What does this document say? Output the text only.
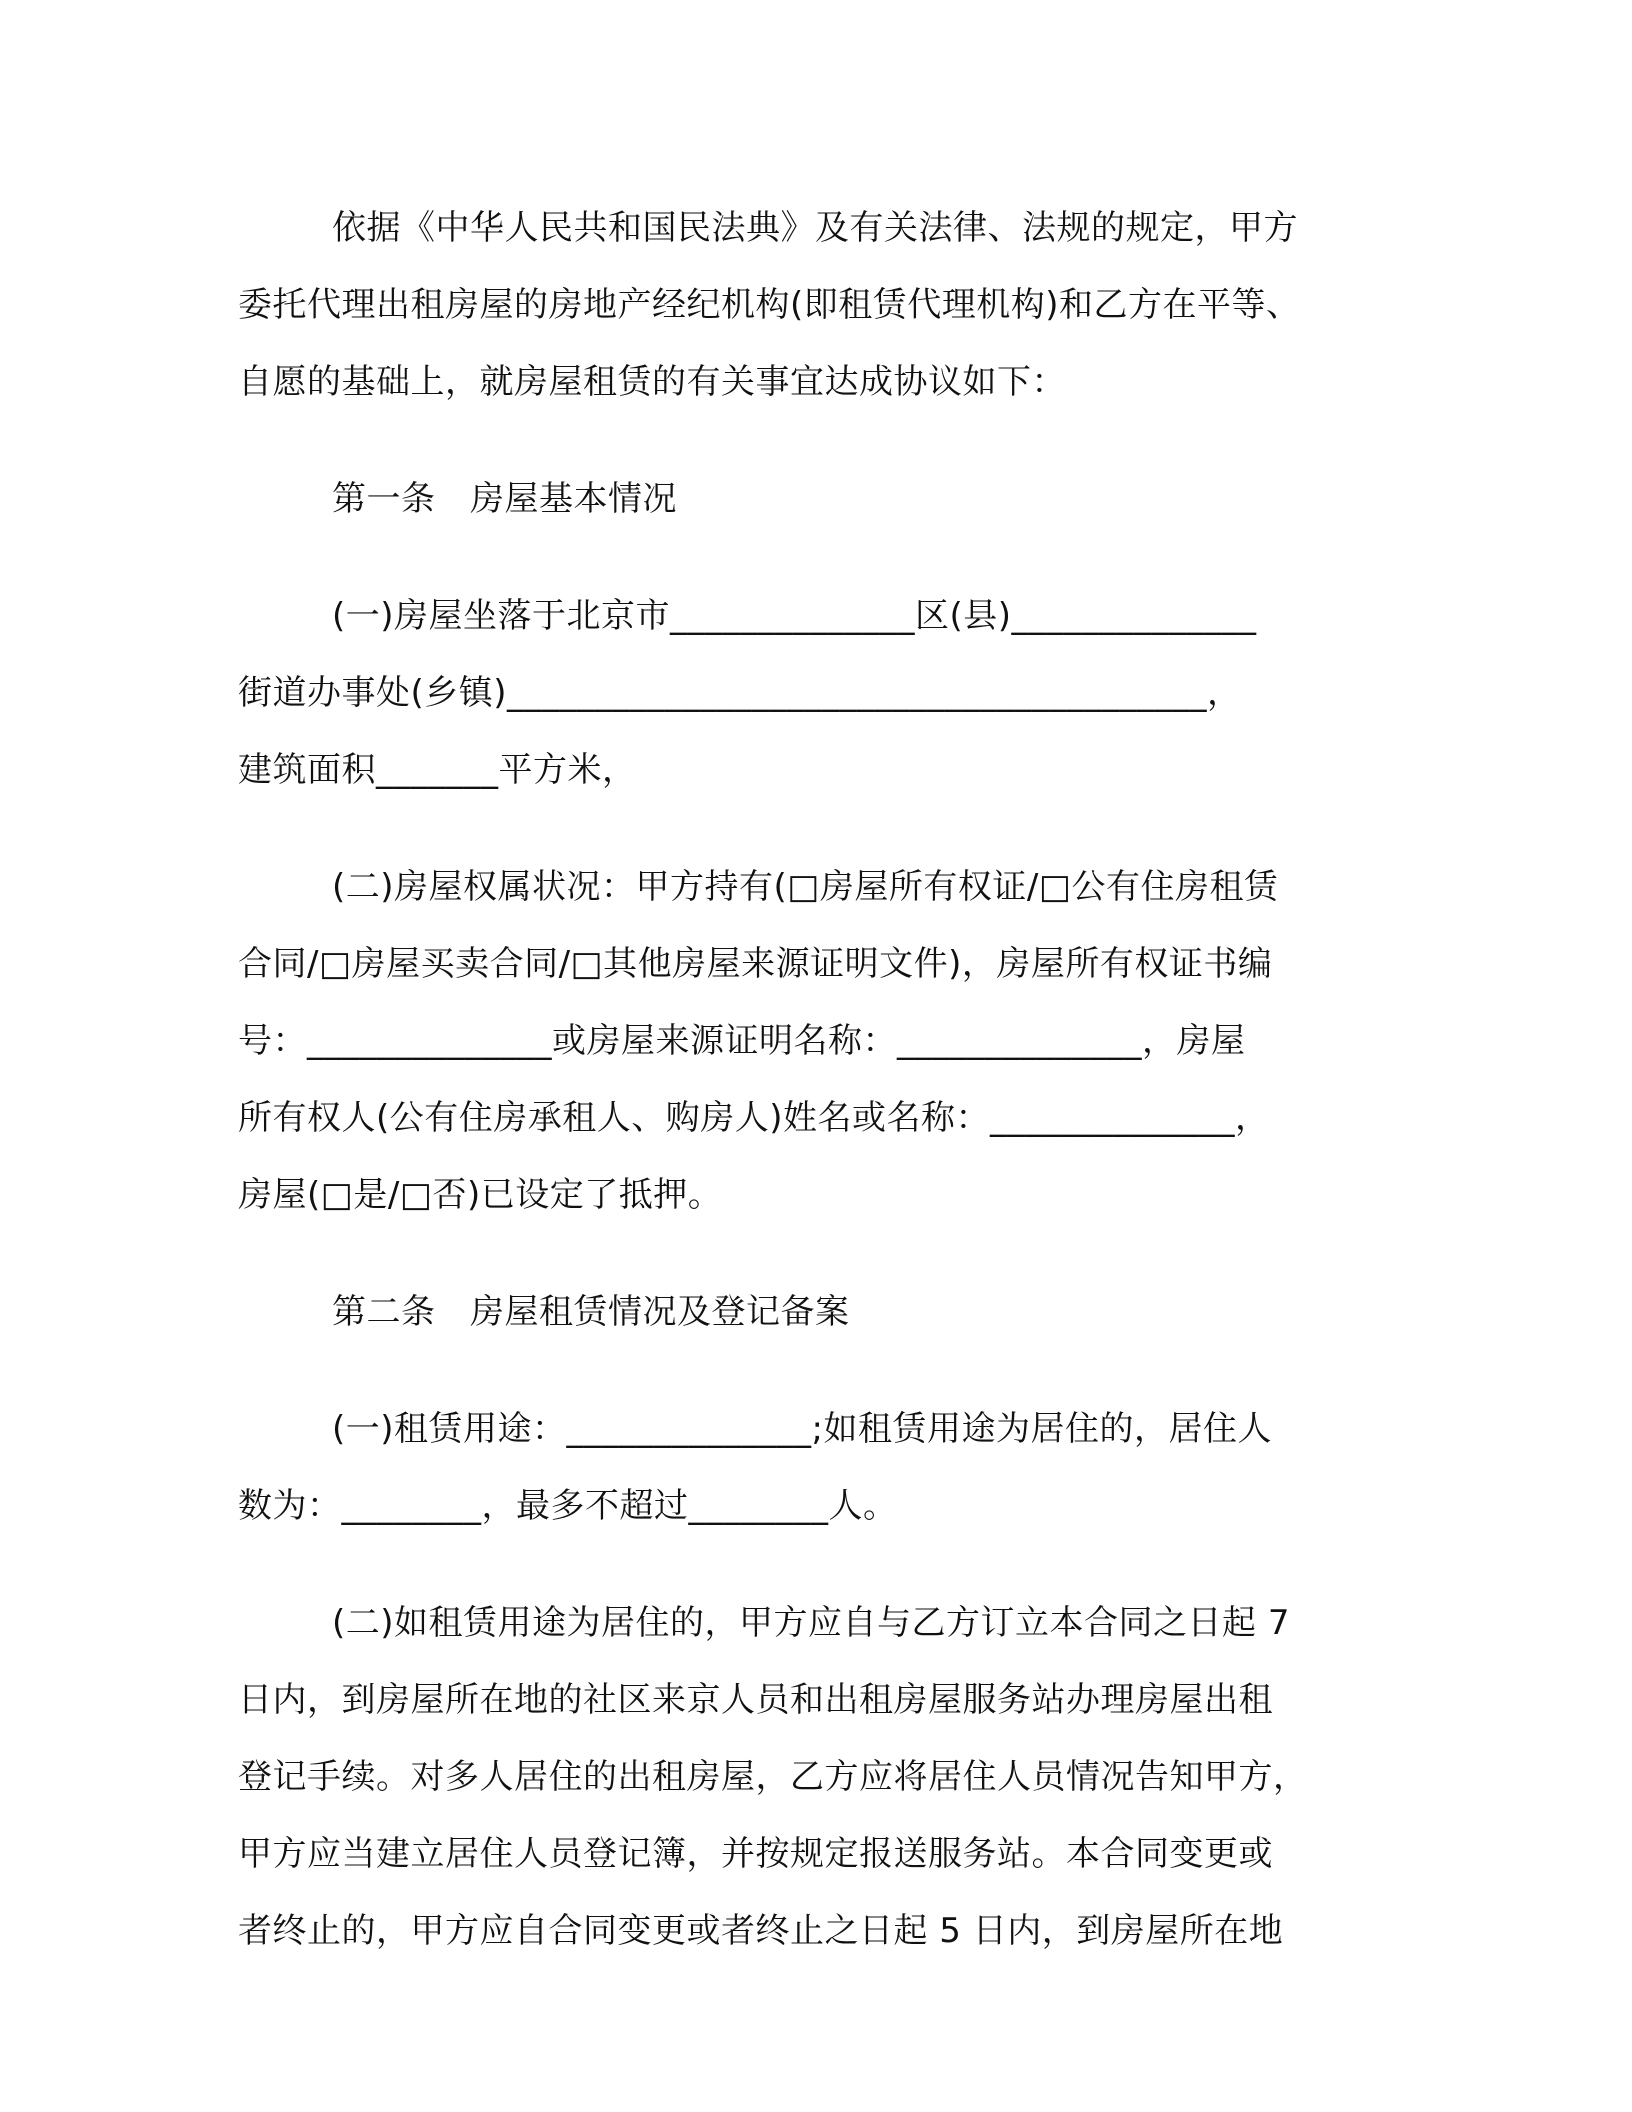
依据《中华人民共和国民法典》及有关法律、法规的规定，甲方
委托代理出租房屋的房地产经纪机构(即租赁代理机构)和乙方在平等、
自愿的基础上，就房屋租赁的有关事宜达成协议如下：

第一条　房屋基本情况

(一)房屋坐落于北京市______________区(县)______________
街道办事处(乡镇)________________________________________，
建筑面积_______平方米，

(二)房屋权属状况：甲方持有(□房屋所有权证/□公有住房租赁
合同/□房屋买卖合同/□其他房屋来源证明文件)，房屋所有权证书编
号：______________或房屋来源证明名称：______________，房屋
所有权人(公有住房承租人、购房人)姓名或名称：______________，
房屋(□是/□否)已设定了抵押。

第二条　房屋租赁情况及登记备案

(一)租赁用途：______________;如租赁用途为居住的，居住人
数为：________，最多不超过________人。

(二)如租赁用途为居住的，甲方应自与乙方订立本合同之日起 7
日内，到房屋所在地的社区来京人员和出租房屋服务站办理房屋出租
登记手续。对多人居住的出租房屋，乙方应将居住人员情况告知甲方，
甲方应当建立居住人员登记簿，并按规定报送服务站。本合同变更或
者终止的，甲方应自合同变更或者终止之日起 5 日内，到房屋所在地
